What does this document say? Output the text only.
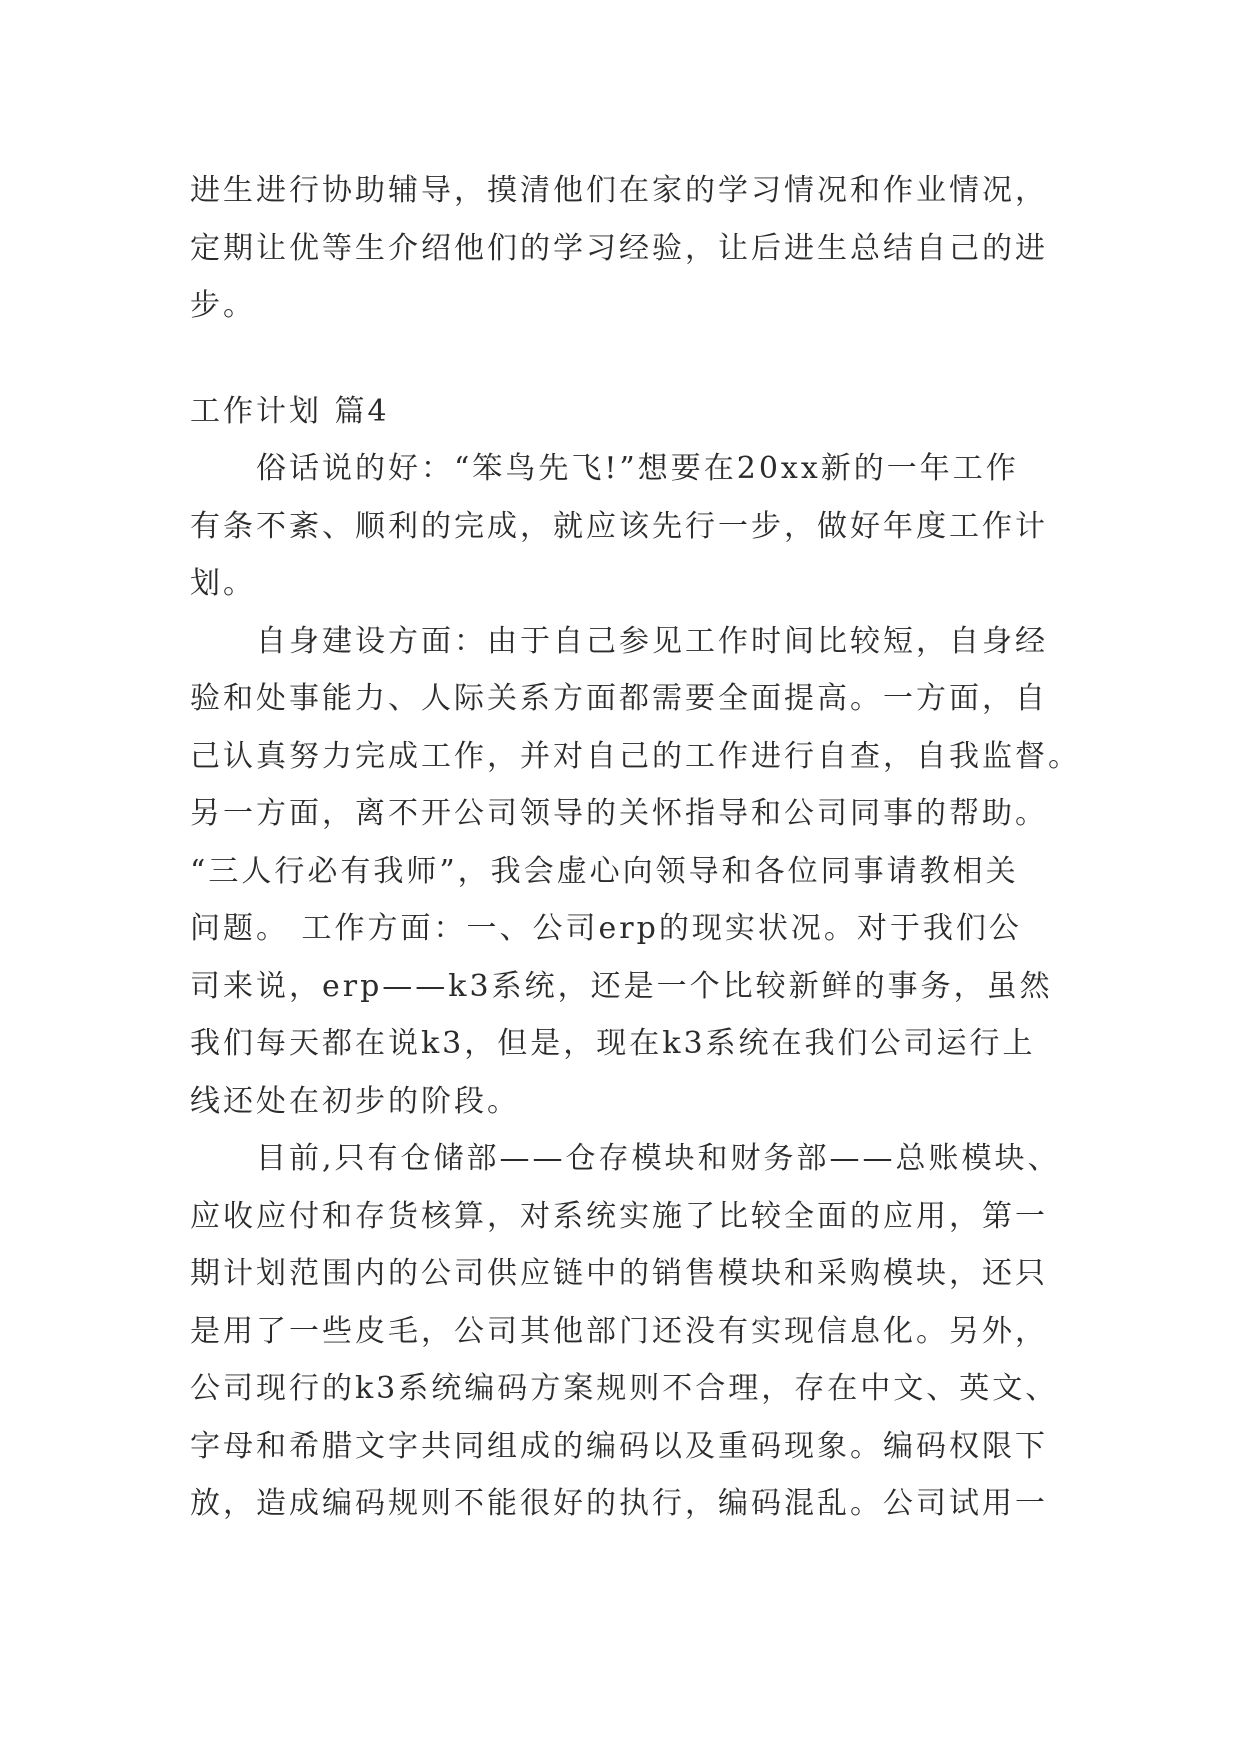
进生进行协助辅导，摸清他们在家的学习情况和作业情况，
定期让优等生介绍他们的学习经验，让后进生总结自己的进
步。
工作计划 篇4
俗话说的好：“笨鸟先飞!”想要在20xx新的一年工作
有条不紊、顺利的完成，就应该先行一步，做好年度工作计
划。
自身建设方面：由于自己参见工作时间比较短，自身经
验和处事能力、人际关系方面都需要全面提高。一方面，自
己认真努力完成工作，并对自己的工作进行自查，自我监督。
另一方面，离不开公司领导的关怀指导和公司同事的帮助。
“三人行必有我师”，我会虚心向领导和各位同事请教相关
问题。 工作方面：一、公司erp的现实状况。对于我们公
司来说，erp——k3系统，还是一个比较新鲜的事务，虽然
我们每天都在说k3，但是，现在k3系统在我们公司运行上
线还处在初步的阶段。
目前,只有仓储部——仓存模块和财务部——总账模块、
应收应付和存货核算，对系统实施了比较全面的应用，第一
期计划范围内的公司供应链中的销售模块和采购模块，还只
是用了一些皮毛，公司其他部门还没有实现信息化。另外，
公司现行的k3系统编码方案规则不合理，存在中文、英文、
字母和希腊文字共同组成的编码以及重码现象。编码权限下
放，造成编码规则不能很好的执行，编码混乱。公司试用一
